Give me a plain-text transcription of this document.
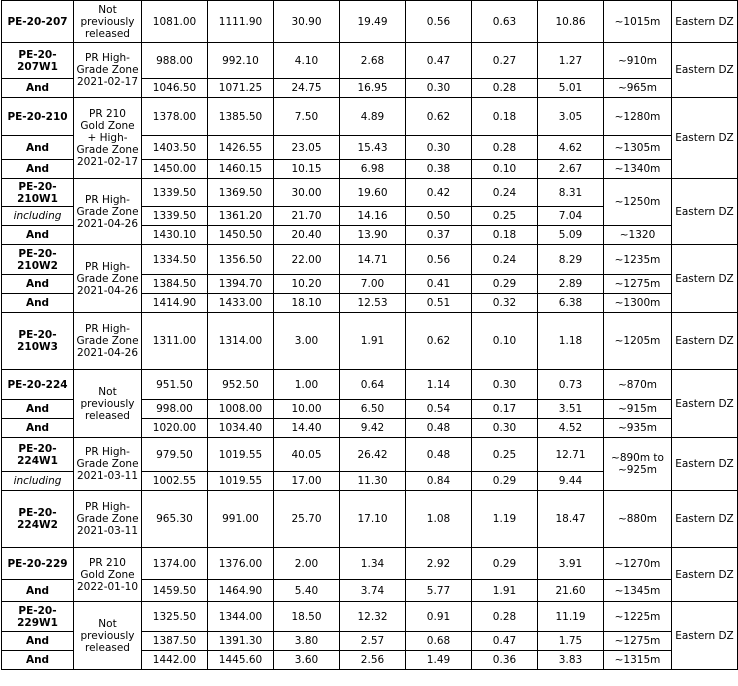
PE-20-207	Not previously released	1081.00	1111.90	30.90	19.49	0.56	0.63	10.86	~1015m	Eastern DZ
PE-20-207W1	PR High-Grade Zone 2021-02-17	988.00	992.10	4.10	2.68	0.47	0.27	1.27	~910m	Eastern DZ
And		1046.50	1071.25	24.75	16.95	0.30	0.28	5.01	~965m	
PE-20-210	PR 210 Gold Zone + High-Grade Zone 2021-02-17	1378.00	1385.50	7.50	4.89	0.62	0.18	3.05	~1280m	Eastern DZ
And		1403.50	1426.55	23.05	15.43	0.30	0.28	4.62	~1305m	
And		1450.00	1460.15	10.15	6.98	0.38	0.10	2.67	~1340m	
PE-20-210W1	PR High-Grade Zone 2021-04-26	1339.50	1369.50	30.00	19.60	0.42	0.24	8.31	~1250m	Eastern DZ
including		1339.50	1361.20	21.70	14.16	0.50	0.25	7.04		
And		1430.10	1450.50	20.40	13.90	0.37	0.18	5.09	~1320	
PE-20-210W2	PR High-Grade Zone 2021-04-26	1334.50	1356.50	22.00	14.71	0.56	0.24	8.29	~1235m	Eastern DZ
And		1384.50	1394.70	10.20	7.00	0.41	0.29	2.89	~1275m	
And		1414.90	1433.00	18.10	12.53	0.51	0.32	6.38	~1300m	
PE-20-210W3	PR High-Grade Zone 2021-04-26	1311.00	1314.00	3.00	1.91	0.62	0.10	1.18	~1205m	Eastern DZ
PE-20-224	Not previously released	951.50	952.50	1.00	0.64	1.14	0.30	0.73	~870m	Eastern DZ
And		998.00	1008.00	10.00	6.50	0.54	0.17	3.51	~915m	
And		1020.00	1034.40	14.40	9.42	0.48	0.30	4.52	~935m	
PE-20-224W1	PR High-Grade Zone 2021-03-11	979.50	1019.55	40.05	26.42	0.48	0.25	12.71	~890m to ~925m	Eastern DZ
including		1002.55	1019.55	17.00	11.30	0.84	0.29	9.44		
PE-20-224W2	PR High-Grade Zone 2021-03-11	965.30	991.00	25.70	17.10	1.08	1.19	18.47	~880m	Eastern DZ
PE-20-229	PR 210 Gold Zone 2022-01-10	1374.00	1376.00	2.00	1.34	2.92	0.29	3.91	~1270m	Eastern DZ
And		1459.50	1464.90	5.40	3.74	5.77	1.91	21.60	~1345m	
PE-20-229W1	Not previously released	1325.50	1344.00	18.50	12.32	0.91	0.28	11.19	~1225m	Eastern DZ
And		1387.50	1391.30	3.80	2.57	0.68	0.47	1.75	~1275m	
And		1442.00	1445.60	3.60	2.56	1.49	0.36	3.83	~1315m	
